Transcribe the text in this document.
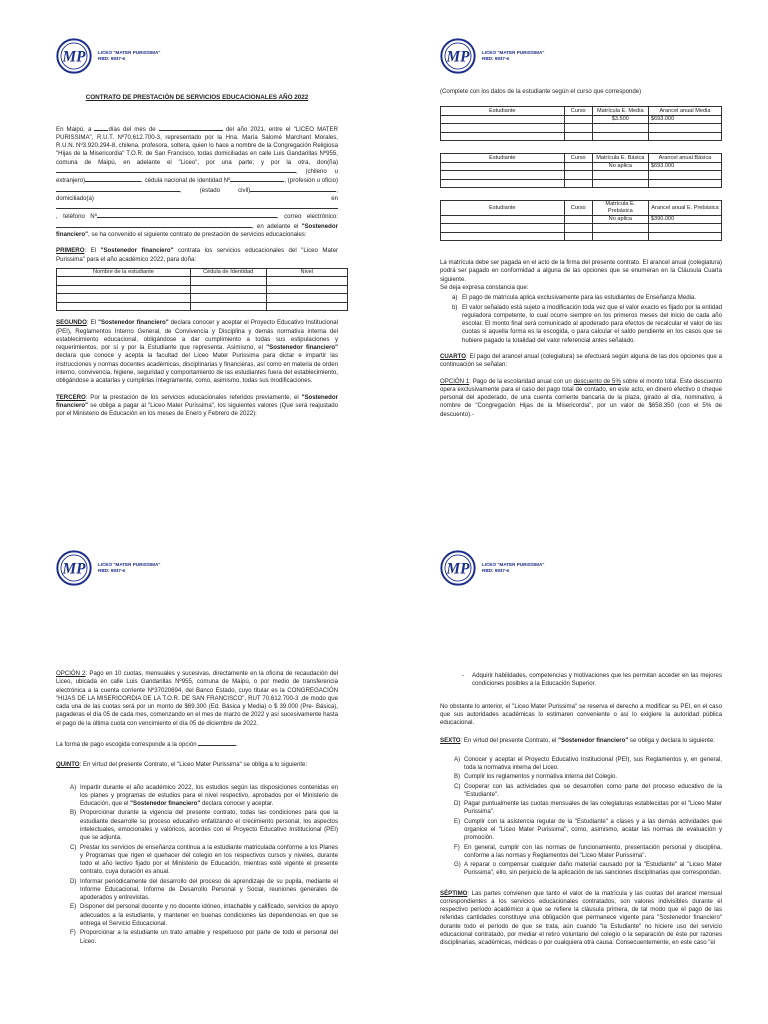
LICEO "MATER PURISSIMA"
RBD: 9937-6
CONTRATO DE PRESTACIÓN DE SERVICIOS EDUCACIONALES AÑO 2022

En Maipú, a días del mes de	del año 2021, entre el "LICEO MATER PURISSIMA", R.U.T. Nº70.612.700-3, representado por la Hna. María Salomé Marchant Morales, R.U.N. Nº3.920.294-8, chilena, profesora, soltera, quien lo hace a nombre de la Congregación Religiosa "Hijas de la Misericordia" T.O.R. de San Francisco, todas domiciliadas en calle Luis Gandarillas Nº955, comuna de Maipú, en adelante el "Liceo", por una parte; y por la otra, don(ña), (chileno u extranjero)	, cédula nacional de identidad Nº	, (profesión u oficio), (estado civil)	, domiciliado(a) en, teléfono Nº	, correo electrónico: , en adelante el "Sostenedor financiero", se ha convenido el siguiente contrato de prestación de servicios educacionales:

PRIMERO: El "Sostenedor financiero" contrata los servicios educacionales del "Liceo Mater Purissima" para el año académico 2022, para doña:

Nombre de la estudiante	Cédula de Identidad	Nivel

SEGUNDO: El "Sostenedor financiero" declara conocer y aceptar el Proyecto Educativo Institucional (PEI), Reglamentos Interno General, de Convivencia y Disciplina y demás normativa interna del establecimiento educacional, obligándose a dar cumplimiento a todas sus estipulaciones y requerimientos, por sí y por la Estudiante que representa. Asimismo, el "Sostenedor financiero" declara que conoce y acepta la facultad del Liceo Mater Purissima para dictar e impartir las instrucciones y normas docentes académicas, disciplinarias y financieras, así como en materia de orden interno, convivencia, higiene, seguridad y comportamiento de las estudiantes fuera del establecimiento, obligándose a acatarlas y cumplirlas íntegramente, como, asimismo, todas sus modificaciones.

TERCERO: Por la prestación de los servicios educacionales referidos previamente, el "Sostenedor financiero" se obliga a pagar al "Liceo Mater Purissima", los siguientes valores (Que será reajustado por el Ministerio de Educación en los meses de Enero y Febrero de 2022):

LICEO "MATER PURISSIMA"
RBD: 9937-6

(Complete con los datos de la estudiante según el curso que corresponde)

Estudiante	Curso	Matrícula E. Media	Arancel anual Media
		$3.500	$693.000

Estudiante	Curso	Matrícula E. Básica	Arancel anual Básica
		No aplica	$693.000

Estudiante	Curso	Matrícula E. Prebásica	Arancel anual E. Prebásica
		No aplica	$390.000

La matrícula debe ser pagada en el acto de la firma del presente contrato. El arancel anual (colegiatura) podrá ser pagado en conformidad a alguna de las opciones que se enumeran en la Cláusula Cuarta siguiente.

Se deja expresa constancia que:

a) El pago de matrícula aplica exclusivamente para las estudiantes de Enseñanza Media.
b) El valor señalado está sujeto a modificación toda vez que el valor exacto es fijado por la entidad reguladora competente, lo cual ocurre siempre en los primeros meses del inicio de cada año escolar. El monto final será comunicado al apoderado para efectos de recalcular el valor de las cuotas si aquella forma es la escogida, o para calcular el saldo pendiente en los casos que se hubiere pagado la totalidad del valor referencial antes señalado.

CUARTO: El pago del arancel anual (colegiatura) se efectuará según alguna de las dos opciones que a continuación se señalan:

OPCIÓN 1: Pago de la escolaridad anual con un descuento de 5% sobre el monto total. Este descuento opera exclusivamente para el caso del pago total de contado, en este acto, en dinero efectivo o cheque personal del apoderado, de una cuenta corriente bancaria de la plaza, girado al día, nominativo, a nombre de "Congregación Hijas de la Misericordia", por un valor de $658.350 (con el 5% de descuento).-

LICEO "MATER PURISSIMA"
RBD: 9937-6

OPCIÓN 2: Pago en 10 cuotas, mensuales y sucesivas, directamente en la oficina de recaudación del Liceo, ubicada en calle Luis Gandarillas Nº955, comuna de Maipú, o por medio de transferencia electrónica a la cuenta corriente Nº37020694, del Banco Estado, cuyo titular es la CONGREGACIÓN "HIJAS DE LA MISERICORDIA DE LA T.O.R. DE SAN FRANCISCO", RUT 70.612.700-3 ,de modo que cada una de las cuotas será por un monto de $69.300 (Ed. Básica y Media) o $ 39.000 (Pre- Básica), pagaderas el día 05 de cada mes, comenzando en el mes de marzo de 2022 y así sucesivamente hasta el pago de la última cuota con vencimiento el día 05 de diciembre de 2022.

La forma de pago escogida corresponde a la opción	.

QUINTO: En virtud del presente Contrato, el "Liceo Mater Purissima" se obliga a lo siguiente:

A) Impartir durante el año académico 2022, los estudios según las disposiciones contenidas en los planes y programas de estudios para el nivel respectivo, aprobados por el Ministerio de Educación, que el "Sostenedor financiero" declara conocer y aceptar.
B) Proporcionar durante la vigencia del presente contrato, todas las condiciones para que la estudiante desarrolle su proceso educativo enfatizando el crecimiento personal, los aspectos intelectuales, emocionales y valóricos, acordes con el Proyecto Educativo Institucional (PEI) que se adjunta.
C) Prestar los servicios de enseñanza continua a la estudiante matriculada conforme a los Planes y Programas que rigen el quehacer del colegio en los respectivos cursos y niveles, durante todo el año lectivo fijado por el Ministerio de Educación, mientras esté vigente el presente contrato, cuya duración es anual.
D) Informar periódicamente del desarrollo del proceso de aprendizaje de su pupila, mediante el Informe Educacional, Informe de Desarrollo Personal y Social, reuniones generales de apoderados y entrevistas.
E) Disponer del personal docente y no docente idóneo, intachable y calificado, servicios de apoyo adecuados a la estudiante, y mantener en buenas condiciones las dependencias en que se entrega el Servicio Educacional.
F) Proporcionar a la estudiante un trato amable y respetuoso por parte de todo el personal del Liceo.
LICEO "MATER PURISSIMA"
RBD: 9937-6
-	Adquirir habilidades, competencias y motivaciones que les permitan acceder en las mejores condiciones posibles a la Educación Superior.

No obstante lo anterior, el "Liceo Mater Purissima" se reserva el derecho a modificar su PEI, en el caso que sus autoridades académicas lo estimaren conveniente o así lo exigiere la autoridad pública educacional.

SEXTO: En virtud del presente Contrato, el "Sostenedor financiero" se obliga y declara lo siguiente:

A) Conocer y aceptar el Proyecto Educativo Institucional (PEI), sus Reglamentos y, en general, toda la normativa interna del Liceo.
B) Cumplir los reglamentos y normativa interna del Colegio.
C) Cooperar con las actividades que se desarrollen como parte del proceso educativo de la "Estudiante".
D) Pagar puntualmente las cuotas mensuales de las colegiaturas establecidas por el "Liceo Mater Purissima".
E) Cumplir con la asistencia regular de la "Estudiante" a clases y a las demás actividades que organice el "Liceo Mater Purissima", como, asimismo, acatar las normas de evaluación y promoción.
F) En general, cumplir con las normas de funcionamiento, presentación personal y disciplina, conforme a las normas y Reglamentos del "Liceo Mater Purissima".
G) A reparar o compensar cualquier daño material causado por la "Estudiante" al "Liceo Mater Purissima", ello, sin perjuicio de la aplicación de las sanciones disciplinarias que correspondan.

SÉPTIMO: Las partes convienen que tanto el valor de la matrícula y las cuotas del arancel mensual correspondientes a los servicios educacionales contratados, son valores indivisibles durante el respectivo período académico a que se refiere la cláusula primera, de tal modo que el pago de las referidas cantidades constituye una obligación que permanece vigente para "Sostenedor financiero" durante todo el período de que se trata, aún cuando "la Estudiante" no hiciere uso del servicio educacional contratado, por mediar el retiro voluntario del colegio o la separación de éste por razones disciplinarias, académicas, médicas o por cualquiera otra causa. Consecuentemente, en este caso "el
